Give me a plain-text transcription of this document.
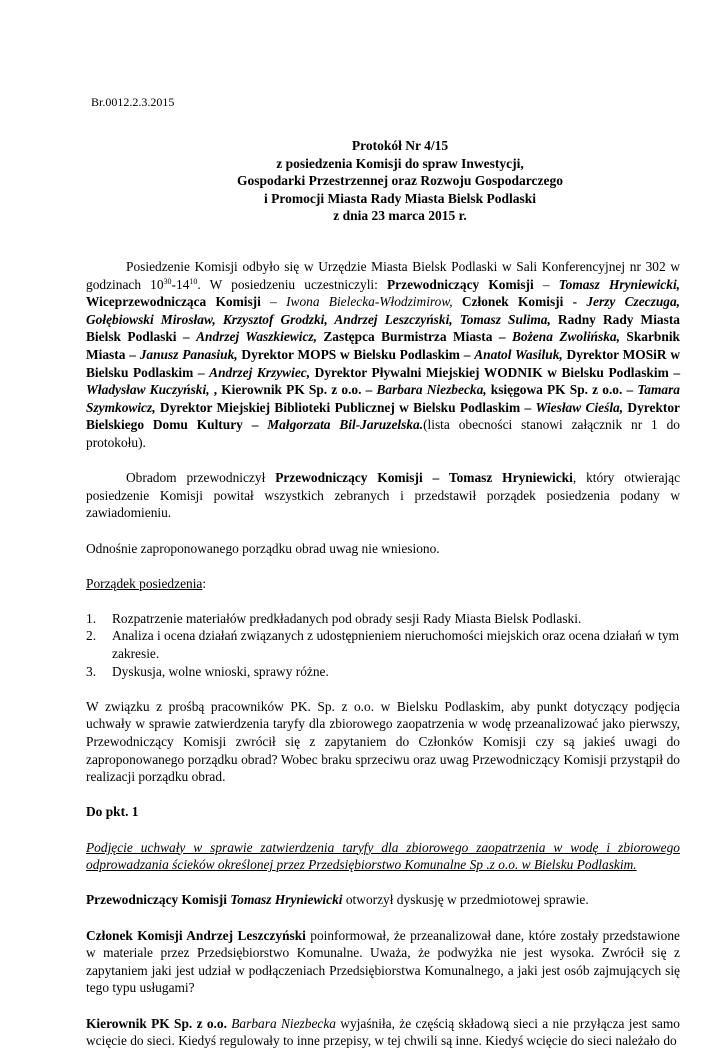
Br.0012.2.3.2015
Protokół Nr 4/15
z posiedzenia Komisji do spraw Inwestycji,
Gospodarki Przestrzennej oraz Rozwoju Gospodarczego
i Promocji Miasta Rady Miasta Bielsk Podlaski
z dnia 23 marca 2015 r.

Posiedzenie Komisji odbyło się w Urzędzie Miasta Bielsk Podlaski w Sali Konferencyjnej nr 302 w godzinach $10^{30}-14^{10}$. W posiedzeniu uczestniczyli: Przewodniczący Komisji – Tomasz Hryniewicki, Wiceprzewodnicząca Komisji – Iwona Bielecka-Włodzimirow, Członek Komisji - Jerzy Czeczuga, Gołębiowski Mirosław, Krzysztof Grodzki, Andrzej Leszczyński, Tomasz Sulima, Radny Rady Miasta Bielsk Podlaski – Andrzej Waszkiewicz, Zastępca Burmistrza Miasta – Bożena Zwolińska, Skarbnik Miasta – Janusz Panasiuk, Dyrektor MOPS w Bielsku Podlaskim – Anatol Wasiluk, Dyrektor MOSiR w Bielsku Podlaskim – Andrzej Krzywiec, Dyrektor Pływalni Miejskiej WODNIK w Bielsku Podlaskim – Władysław Kuczyński, , Kierownik PK Sp. z o.o. – Barbara Niezbecka, księgowa PK Sp. z o.o. – Tamara Szymkowicz, Dyrektor Miejskiej Biblioteki Publicznej w Bielsku Podlaskim – Wiesław Cieśla, Dyrektor Bielskiego Domu Kultury – Małgorzata Bil-Jaruzelska.(lista obecności stanowi załącznik nr 1 do protokołu).

Obradom przewodniczył Przewodniczący Komisji – Tomasz Hryniewicki, który otwierając posiedzenie Komisji powitał wszystkich zebranych i przedstawił porządek posiedzenia podany w zawiadomieniu.

Odnośnie zaproponowanego porządku obrad uwag nie wniesiono.

Porządek posiedzenia:

1. Rozpatrzenie materiałów predkładanych pod obrady sesji Rady Miasta Bielsk Podlaski.
2. Analiza i ocena działań związanych z udostępnieniem nieruchomości miejskich oraz ocena działań w tym zakresie.
3. Dyskusja, wolne wnioski, sprawy różne.

W związku z prośbą pracowników PK. Sp. z o.o. w Bielsku Podlaskim, aby punkt dotyczący podjęcia uchwały w sprawie zatwierdzenia taryfy dla zbiorowego zaopatrzenia w wodę przeanalizować jako pierwszy, Przewodniczący Komisji zwrócił się z zapytaniem do Członków Komisji czy są jakieś uwagi do zaproponowanego porządku obrad? Wobec braku sprzeciwu oraz uwag Przewodniczący Komisji przystąpił do realizacji porządku obrad.

Do pkt. 1

Podjęcie uchwały w sprawie zatwierdzenia taryfy dla zbiorowego zaopatrzenia w wodę i zbiorowego odprowadzania ścieków określonej przez Przedsiębiorstwo Komunalne Sp .z o.o. w Bielsku Podlaskim.

Przewodniczący Komisji Tomasz Hryniewicki otworzył dyskusję w przedmiotowej sprawie.

Członek Komisji Andrzej Leszczyński poinformował, że przeanalizował dane, które zostały przedstawione w materiale przez Przedsiębiorstwo Komunalne. Uważa, że podwyżka nie jest wysoka. Zwrócił się z zapytaniem jaki jest udział w podłączeniach Przedsiębiorstwa Komunalnego, a jaki jest osób zajmujących się tego typu usługami?

Kierownik PK Sp. z o.o. Barbara Niezbecka wyjaśniła, że częścią składową sieci a nie przyłącza jest samo wcięcie do sieci. Kiedyś regulowały to inne przepisy, w tej chwili są inne. Kiedyś wcięcie do sieci należało do
